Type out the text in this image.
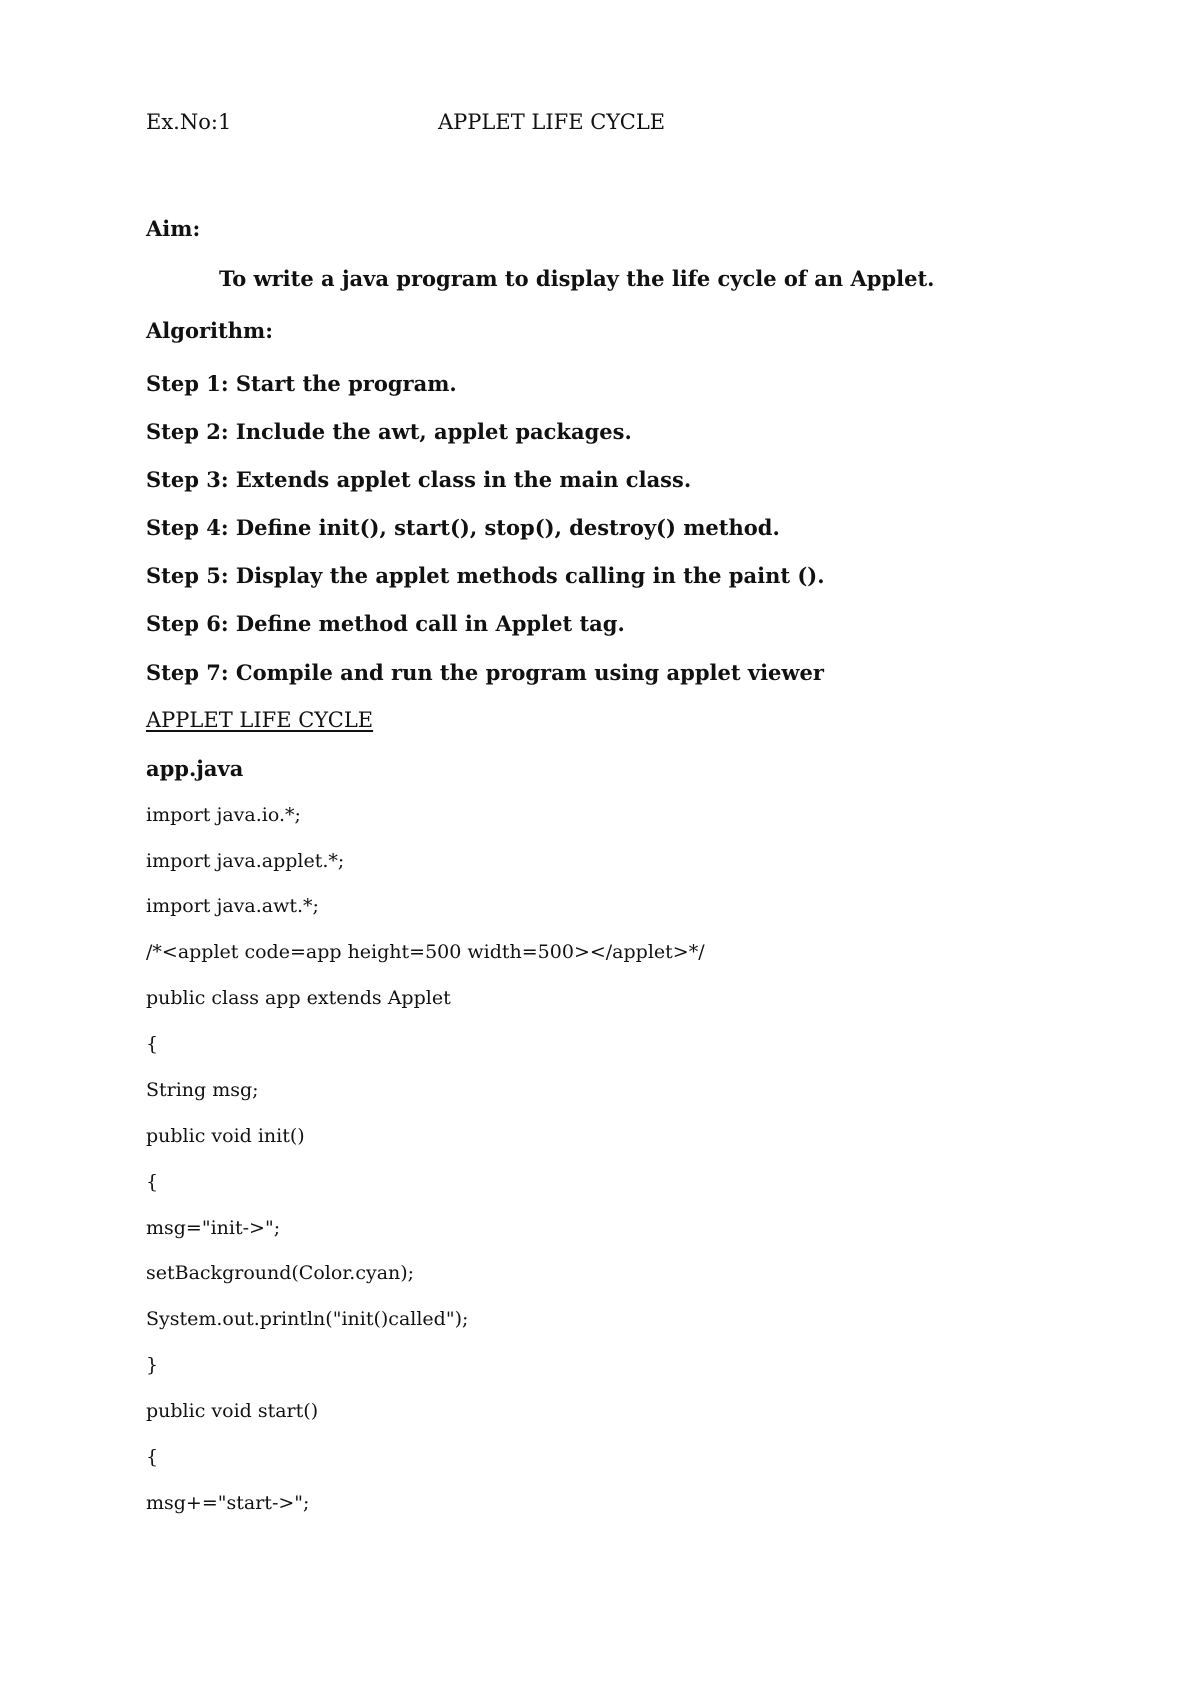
Ex.No:1	APPLET LIFE CYCLE
Aim:
To write a java program to display the life cycle of an Applet.
Algorithm:
Step 1: Start the program.
Step 2: Include the awt, applet packages.
Step 3: Extends applet class in the main class.
Step 4: Define init(), start(), stop(), destroy() method.
Step 5: Display the applet methods calling in the paint ().
Step 6: Define method call in Applet tag.
Step 7: Compile and run the program using applet viewer
APPLET LIFE CYCLE
app.java
import java.io.*;
import java.applet.*;
import java.awt.*;
/*<applet code=app height=500 width=500></applet>*/
public class app extends Applet
{
String msg;
public void init()
{
msg="init->";
setBackground(Color.cyan);
System.out.println("init()called");
}
public void start()
{
msg+="start->";
